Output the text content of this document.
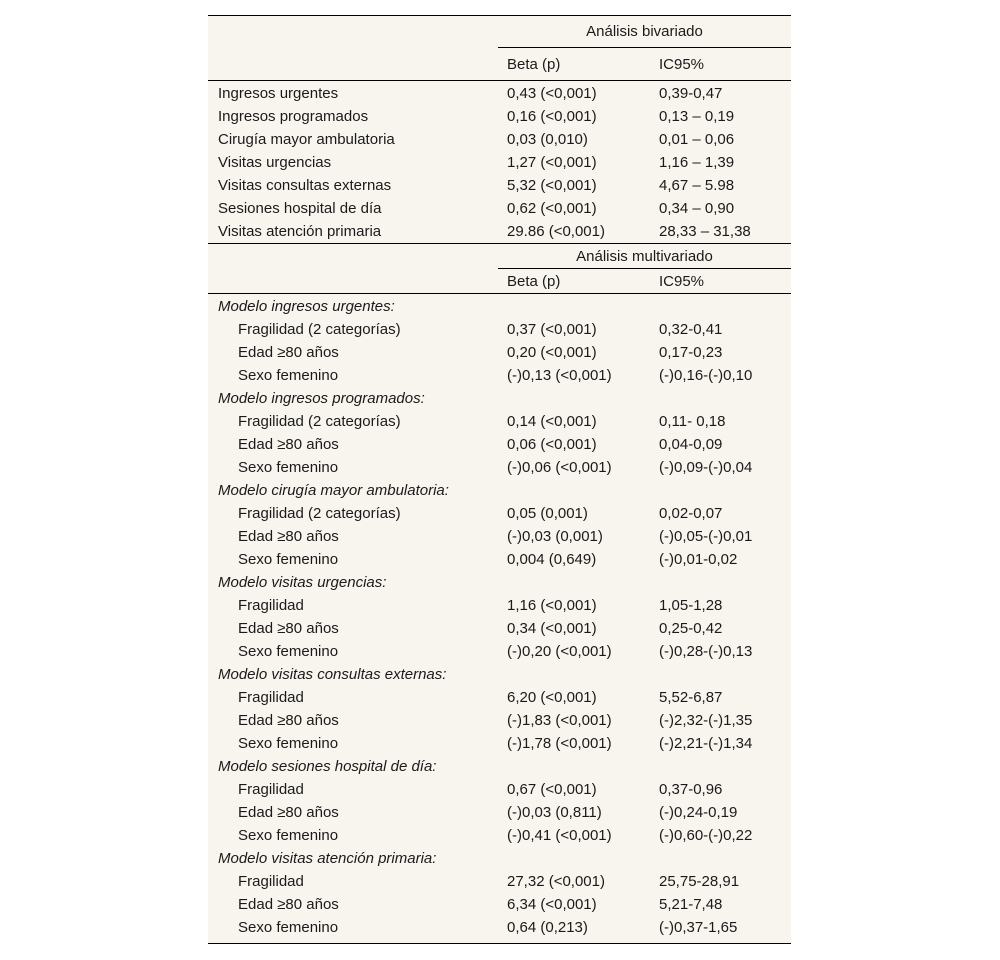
Análisis bivariado
Beta (p)	IC95%
Ingresos urgentes	0,43 (<0,001)	0,39-0,47
Ingresos programados	0,16 (<0,001)	0,13 – 0,19
Cirugía mayor ambulatoria	0,03 (0,010)	0,01 – 0,06
Visitas urgencias	1,27 (<0,001)	1,16 – 1,39
Visitas consultas externas	5,32 (<0,001)	4,67 – 5.98
Sesiones hospital de día	0,62 (<0,001)	0,34 – 0,90
Visitas atención primaria	29.86 (<0,001)	28,33 – 31,38
Análisis multivariado
Beta (p)	IC95%
Modelo ingresos urgentes:
Fragilidad (2 categorías)	0,37 (<0,001)	0,32-0,41
Edad ≥80 años	0,20 (<0,001)	0,17-0,23
Sexo femenino	(-)0,13 (<0,001)	(-)0,16-(-)0,10
Modelo ingresos programados:
Fragilidad (2 categorías)	0,14 (<0,001)	0,11- 0,18
Edad ≥80 años	0,06 (<0,001)	0,04-0,09
Sexo femenino	(-)0,06 (<0,001)	(-)0,09-(-)0,04
Modelo cirugía mayor ambulatoria:
Fragilidad (2 categorías)	0,05 (0,001)	0,02-0,07
Edad ≥80 años	(-)0,03 (0,001)	(-)0,05-(-)0,01
Sexo femenino	0,004 (0,649)	(-)0,01-0,02
Modelo visitas urgencias:
Fragilidad	1,16 (<0,001)	1,05-1,28
Edad ≥80 años	0,34 (<0,001)	0,25-0,42
Sexo femenino	(-)0,20 (<0,001)	(-)0,28-(-)0,13
Modelo visitas consultas externas:
Fragilidad	6,20 (<0,001)	5,52-6,87
Edad ≥80 años	(-)1,83 (<0,001)	(-)2,32-(-)1,35
Sexo femenino	(-)1,78 (<0,001)	(-)2,21-(-)1,34
Modelo sesiones hospital de día:
Fragilidad	0,67 (<0,001)	0,37-0,96
Edad ≥80 años	(-)0,03 (0,811)	(-)0,24-0,19
Sexo femenino	(-)0,41 (<0,001)	(-)0,60-(-)0,22
Modelo visitas atención primaria:
Fragilidad	27,32 (<0,001)	25,75-28,91
Edad ≥80 años	6,34 (<0,001)	5,21-7,48
Sexo femenino	0,64 (0,213)	(-)0,37-1,65
